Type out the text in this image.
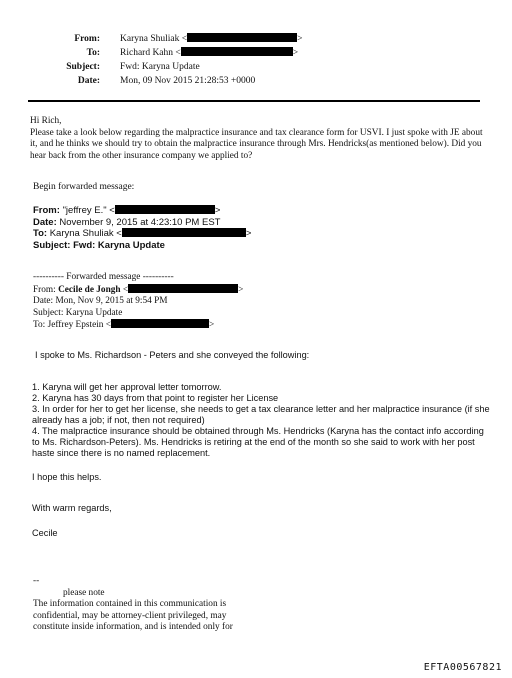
From: Karyna Shuliak <	>
To: Richard Kahn <	>
Subject: Fwd: Karyna Update
Date: Mon, 09 Nov 2015 21:28:53 +0000
Hi Rich,
Please take a look below regarding the malpractice insurance and tax clearance form for USVI. I just spoke with JE about it, and he thinks we should try to obtain the malpractice insurance through Mrs. Hendricks(as mentioned below). Did you hear back from the other insurance company we applied to?
Begin forwarded message:
From: "jeffrey E." <	>
Date: November 9, 2015 at 4:23:10 PM EST
To: Karyna Shuliak <	>
Subject: Fwd: Karyna Update
---------- Forwarded message ----------
From: Cecile de Jongh <	>
Date: Mon, Nov 9, 2015 at 9:54 PM
Subject: Karyna Update
To: Jeffrey Epstein <	>

I spoke to Ms. Richardson - Peters and she conveyed the following:

1. Karyna will get her approval letter tomorrow.

2. Karyna has 30 days from that point to register her License

3. In order for her to get her license, she needs to get a tax clearance letter and her malpractice insurance (if she already has a job; if not, then not required)

4. The malpractice insurance should be obtained through Ms. Hendricks (Karyna has the contact info according to Ms. Richardson-Peters). Ms. Hendricks is retiring at the end of the month so she said to work with her post haste since there is no named replacement.

I hope this helps.

With warm regards,

Cecile

--
please note
The information contained in this communication is
confidential, may be attorney-client privileged, may
constitute inside information, and is intended only for
EFTA00567821
